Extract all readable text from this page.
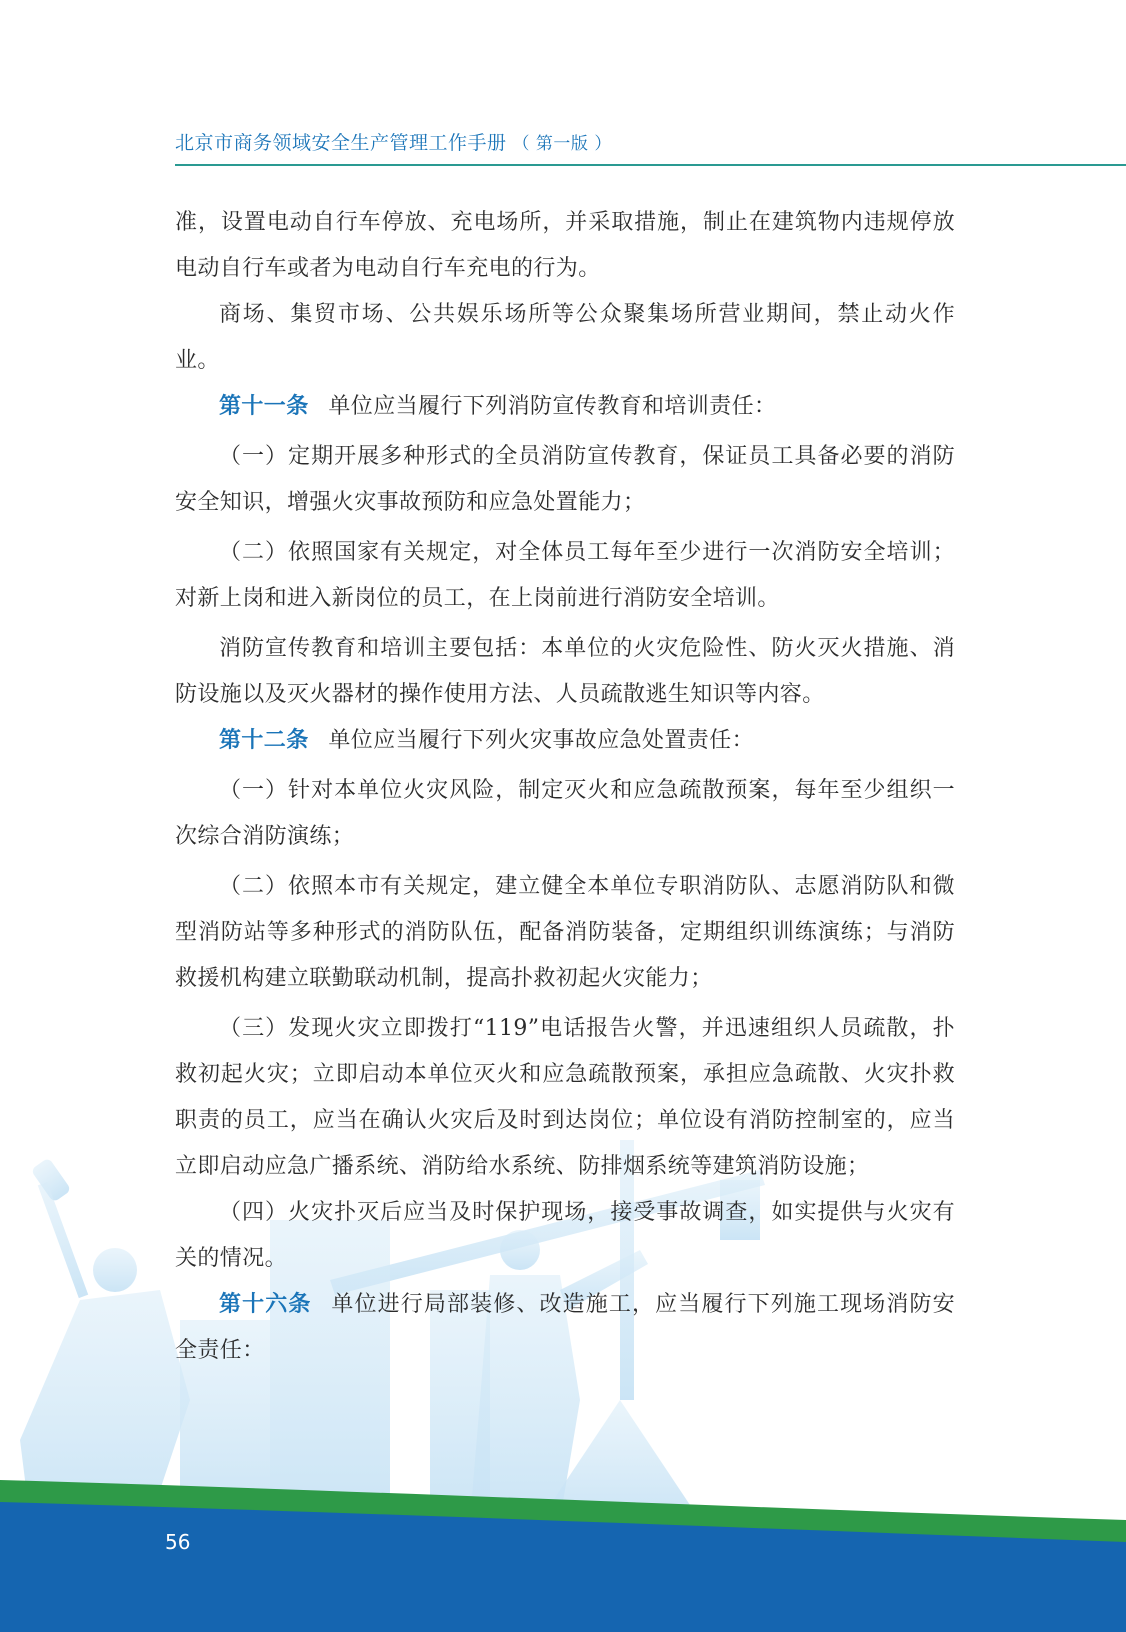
北京市商务领域安全生产管理工作手册 （ 第一版 ）

准，设置电动自行车停放、充电场所，并采取措施，制止在建筑物内违规停放电动自行车或者为电动自行车充电的行为。

商场、集贸市场、公共娱乐场所等公众聚集场所营业期间，禁止动火作业。

第十一条 单位应当履行下列消防宣传教育和培训责任：

（一）定期开展多种形式的全员消防宣传教育，保证员工具备必要的消防安全知识，增强火灾事故预防和应急处置能力；

（二）依照国家有关规定，对全体员工每年至少进行一次消防安全培训；对新上岗和进入新岗位的员工，在上岗前进行消防安全培训。

消防宣传教育和培训主要包括：本单位的火灾危险性、防火灭火措施、消防设施以及灭火器材的操作使用方法、人员疏散逃生知识等内容。

第十二条 单位应当履行下列火灾事故应急处置责任：

（一）针对本单位火灾风险，制定灭火和应急疏散预案，每年至少组织一次综合消防演练；

（二）依照本市有关规定，建立健全本单位专职消防队、志愿消防队和微型消防站等多种形式的消防队伍，配备消防装备，定期组织训练演练；与消防救援机构建立联勤联动机制，提高扑救初起火灾能力；

（三）发现火灾立即拨打“119”电话报告火警，并迅速组织人员疏散，扑救初起火灾；立即启动本单位灭火和应急疏散预案，承担应急疏散、火灾扑救职责的员工，应当在确认火灾后及时到达岗位；单位设有消防控制室的，应当立即启动应急广播系统、消防给水系统、防排烟系统等建筑消防设施；

（四）火灾扑灭后应当及时保护现场，接受事故调查，如实提供与火灾有关的情况。

第十六条 单位进行局部装修、改造施工，应当履行下列施工现场消防安全责任：

56
